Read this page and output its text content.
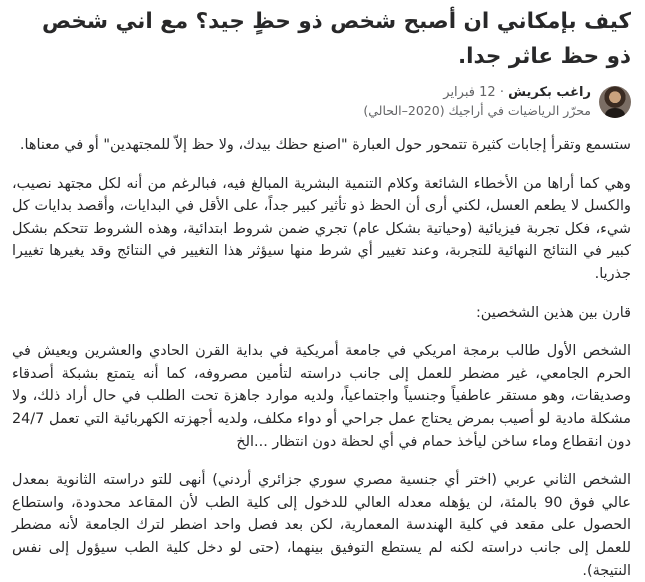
كيف بإمكاني ان أصبح شخص ذو حظٍ جيد؟ مع اني شخص ذو حظ عاثر جدا.
راغب بكريش · 12 فبراير
محرّر الرياضيات في أراجيك (2020–الحالي)

ستسمع وتقرأ إجابات كثيرة تتمحور حول العبارة "اصنع حظك بيدك، ولا حظ إلاّ للمجتهدين" أو في معناها.

وهي كما أراها من الأخطاء الشائعة وكلام التنمية البشرية المبالغ فيه، فبالرغم من أنه لكل مجتهد نصيب، والكسل لا يطعم العسل، لكني أرى أن الحظ ذو تأثير كبير جداً، على الأقل في البدايات، وأقصد بدايات كل شيء، فكل تجربة فيزيائية (وحياتية بشكل عام) تجري ضمن شروط ابتدائية، وهذه الشروط تتحكم بشكل كبير في النتائج النهائية للتجربة، وعند تغيير أي شرط منها سيؤثر هذا التغيير في النتائج وقد يغيرها تغييرا جذريا.

قارن بين هذين الشخصين:

الشخص الأول طالب برمجة امريكي في جامعة أمريكية في بداية القرن الحادي والعشرين ويعيش في الحرم الجامعي، غير مضطر للعمل إلى جانب دراسته لتأمين مصروفه، كما أنه يتمتع بشبكة أصدقاء وصديقات، وهو مستقر عاطفياً وجنسياً واجتماعياً، ولديه موارد جاهزة تحت الطلب في حال أراد ذلك، ولا مشكلة مادية لو أصيب بمرض يحتاج عمل جراحي أو دواء مكلف، ولديه أجهزته الكهربائية التي تعمل 24/7 دون انقطاع وماء ساخن ليأخذ حمام في أي لحظة دون انتظار ...الخ

الشخص الثاني عربي (اختر أي جنسية مصري سوري جزائري أردني) أنهى للتو دراسته الثانوية بمعدل عالي فوق 90 بالمئة، لن يؤهله معدله العالي للدخول إلى كلية الطب لأن المقاعد محدودة، واستطاع الحصول على مقعد في كلية الهندسة المعمارية، لكن بعد فصل واحد اضطر لترك الجامعة لأنه مضطر للعمل إلى جانب دراسته لكنه لم يستطع التوفيق بينهما، (حتى لو دخل كلية الطب سيؤول إلى نفس النتيجة).
